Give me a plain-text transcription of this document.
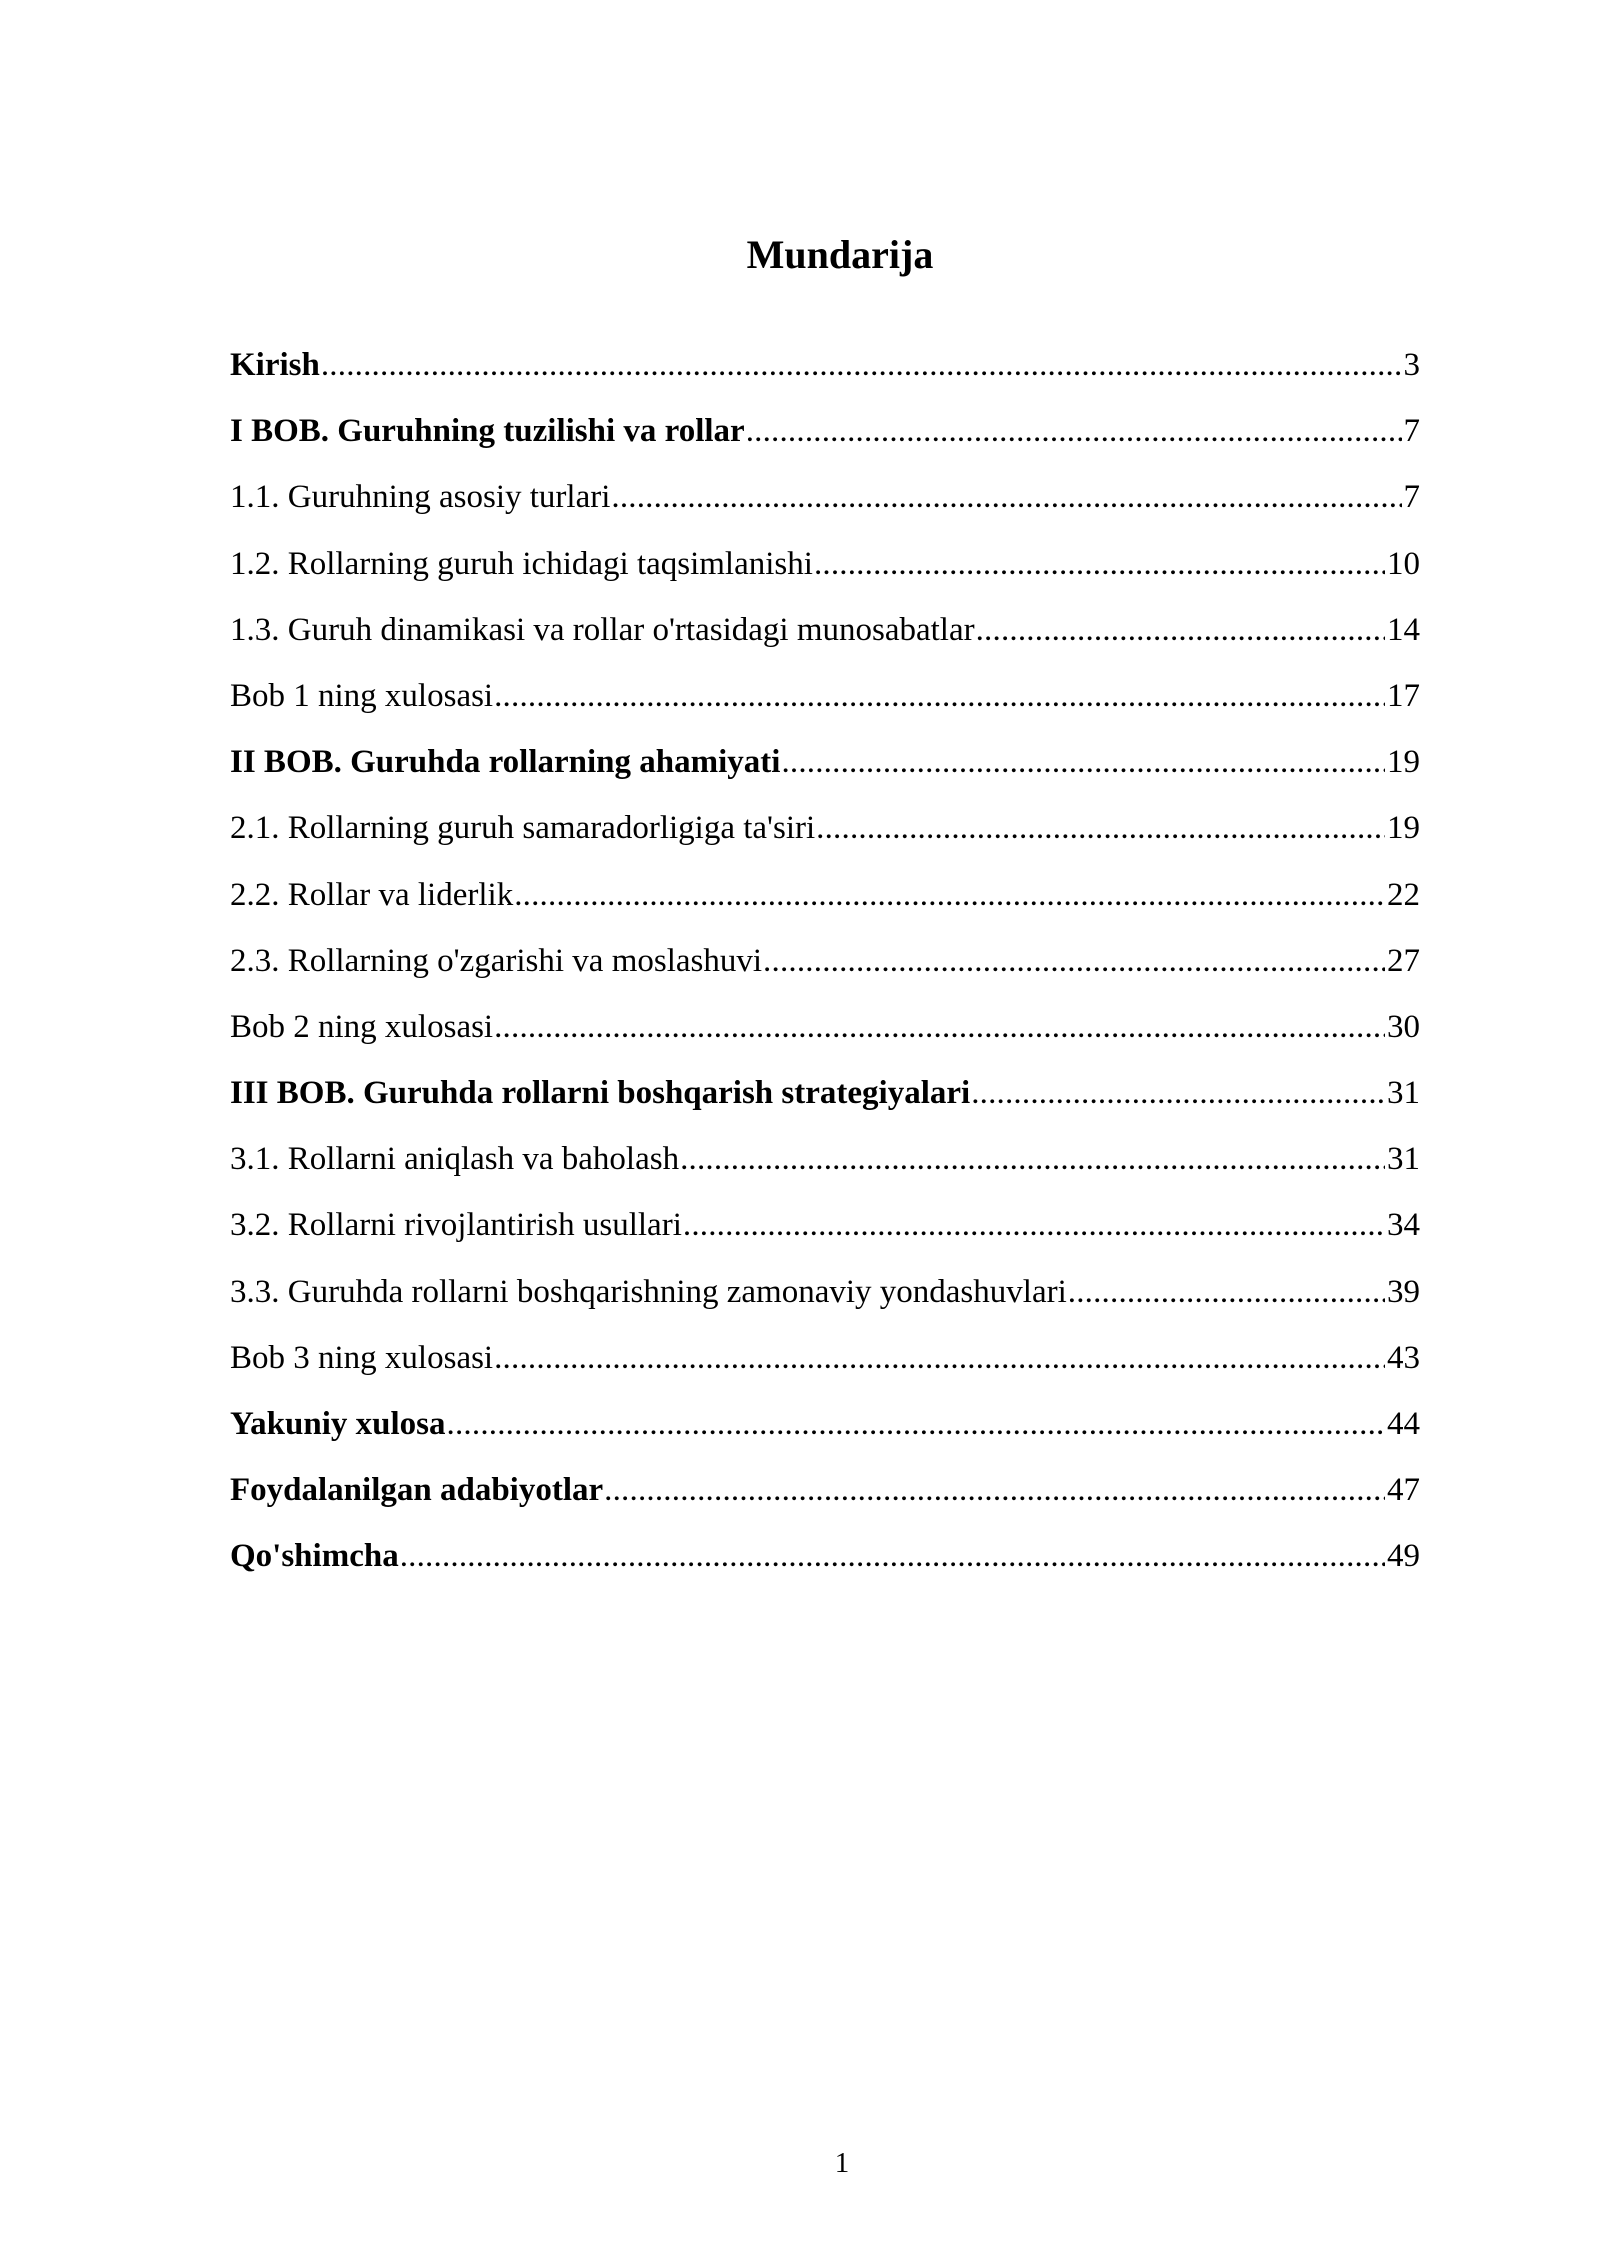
Mundarija
Kirish .....	3
I BOB. Guruhning tuzilishi va rollar .....	7
1.1. Guruhning asosiy turlari .....	7
1.2. Rollarning guruh ichidagi taqsimlanishi .....	10
1.3. Guruh dinamikasi va rollar o'rtasidagi munosabatlar .....	14
Bob 1 ning xulosasi .....	17
II BOB. Guruhda rollarning ahamiyati .....	19
2.1. Rollarning guruh samaradorligiga ta'siri .....	19
2.2. Rollar va liderlik .....	22
2.3. Rollarning o'zgarishi va moslashuvi .....	27
Bob 2 ning xulosasi .....	30
III BOB. Guruhda rollarni boshqarish strategiyalari .....	31
3.1. Rollarni aniqlash va baholash .....	31
3.2. Rollarni rivojlantirish usullari .....	34
3.3. Guruhda rollarni boshqarishning zamonaviy yondashuvlari .....	39
Bob 3 ning xulosasi .....	43
Yakuniy xulosa .....	44
Foydalanilgan adabiyotlar .....	47
Qo'shimcha .....	49
1
